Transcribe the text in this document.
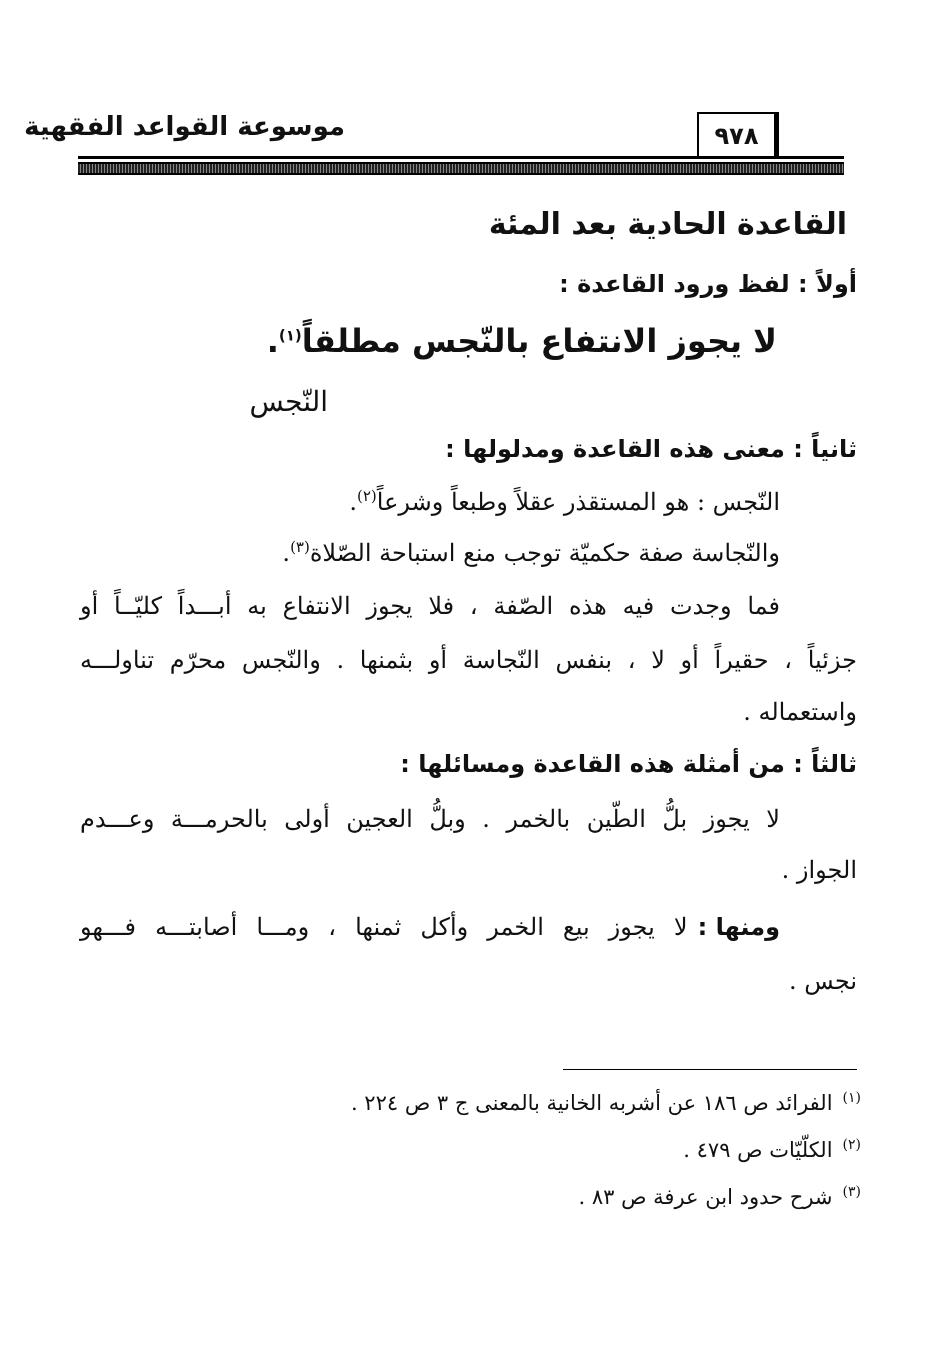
موسوعة القواعد الفقهية	٩٧٨
القاعدة الحادية بعد المئة
أولاً : لفظ ورود القاعدة :
لا يجوز الانتفاع بالنّجس مطلقاً$^{(١)}$.
النّجس
ثانياً : معنى هذه القاعدة ومدلولها :
النّجس : هو المستقذر عقلاً وطبعاً وشرعاً$^{(٢)}$.
والنّجاسة صفة حكميّة توجب منع استباحة الصّلاة$^{(٣)}$.
فما وجدت فيه هذه الصّفة ، فلا يجوز الانتفاع به أبـــداً كليّــاً أو
جزئياً ، حقيراً أو لا ، بنفس النّجاسة أو بثمنها . والنّجس محرّم تناولـــه
واستعماله .
ثالثاً : من أمثلة هذه القاعدة ومسائلها :
لا يجوز بلُّ الطّين بالخمر . وبلُّ العجين أولى بالحرمـــة وعـــدم
الجواز .
ومنها :
لا يجوز بيع الخمر وأكل ثمنها ، ومـــا أصابتـــه فـــهو
نجس .
$^{(١)}$الفرائد ص ١٨٦ عن أشربه الخانية بالمعنى ج ٣ ص ٢٢٤ .
$^{(٢)}$الكلّيّات ص ٤٧٩ .
$^{(٣)}$شرح حدود ابن عرفة ص ٨٣ .
